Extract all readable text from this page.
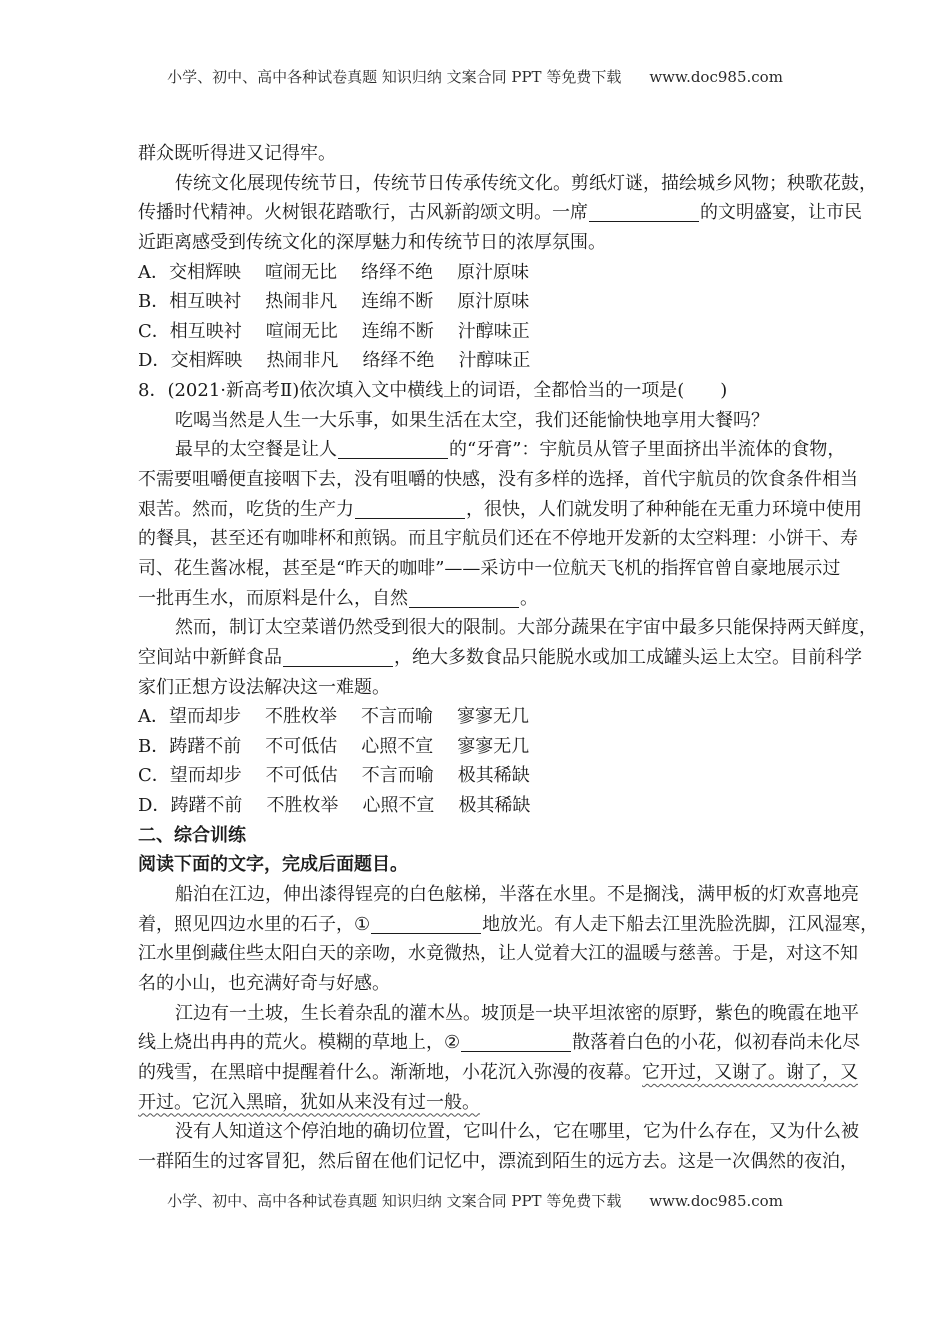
小学、初中、高中各种试卷真题 知识归纳 文案合同 PPT 等免费下载 www.doc985.com
群众既听得进又记得牢。
传统文化展现传统节日，传统节日传承传统文化。剪纸灯谜，描绘城乡风物；秧歌花鼓，
传播时代精神。火树银花踏歌行，古风新韵颂文明。一席	的文明盛宴，让市民
近距离感受到传统文化的深厚魅力和传统节日的浓厚氛围。
A．交相辉映 喧闹无比 络绎不绝 原汁原味
B．相互映衬 热闹非凡 连绵不断 原汁原味
C．相互映衬 喧闹无比 连绵不断 汁醇味正
D．交相辉映 热闹非凡 络绎不绝 汁醇味正
8．(2021·新高考Ⅱ)依次填入文中横线上的词语，全都恰当的一项是(　　)
吃喝当然是人生一大乐事，如果生活在太空，我们还能愉快地享用大餐吗？
最早的太空餐是让人	的“牙膏”：宇航员从管子里面挤出半流体的食物，
不需要咀嚼便直接咽下去，没有咀嚼的快感，没有多样的选择，首代宇航员的饮食条件相当
艰苦。然而，吃货的生产力	，很快，人们就发明了种种能在无重力环境中使用
的餐具，甚至还有咖啡杯和煎锅。而且宇航员们还在不停地开发新的太空料理：小饼干、寿
司、花生酱冰棍，甚至是“昨天的咖啡”——采访中一位航天飞机的指挥官曾自豪地展示过
一批再生水，而原料是什么，自然	。
然而，制订太空菜谱仍然受到很大的限制。大部分蔬果在宇宙中最多只能保持两天鲜度，
空间站中新鲜食品	，绝大多数食品只能脱水或加工成罐头运上太空。目前科学
家们正想方设法解决这一难题。
A．望而却步 不胜枚举 不言而喻 寥寥无几
B．踌躇不前 不可低估 心照不宣 寥寥无几
C．望而却步 不可低估 不言而喻 极其稀缺
D．踌躇不前 不胜枚举 心照不宣 极其稀缺
二、综合训练
阅读下面的文字，完成后面题目。
船泊在江边，伸出漆得锃亮的白色舷梯，半落在水里。不是搁浅，满甲板的灯欢喜地亮
着，照见四边水里的石子，①	地放光。有人走下船去江里洗脸洗脚，江风湿寒，
江水里倒藏住些太阳白天的亲吻，水竟微热，让人觉着大江的温暖与慈善。于是，对这不知
名的小山，也充满好奇与好感。
江边有一土坡，生长着杂乱的灌木丛。坡顶是一块平坦浓密的原野，紫色的晚霞在地平
线上烧出冉冉的荒火。模糊的草地上，②	散落着白色的小花，似初春尚未化尽
的残雪，在黑暗中提醒着什么。渐渐地，小花沉入弥漫的夜幕。它开过，又谢了。谢了，又
开过。它沉入黑暗，犹如从来没有过一般。
没有人知道这个停泊地的确切位置，它叫什么，它在哪里，它为什么存在，又为什么被
一群陌生的过客冒犯，然后留在他们记忆中，漂流到陌生的远方去。这是一次偶然的夜泊，
小学、初中、高中各种试卷真题 知识归纳 文案合同 PPT 等免费下载 www.doc985.com
